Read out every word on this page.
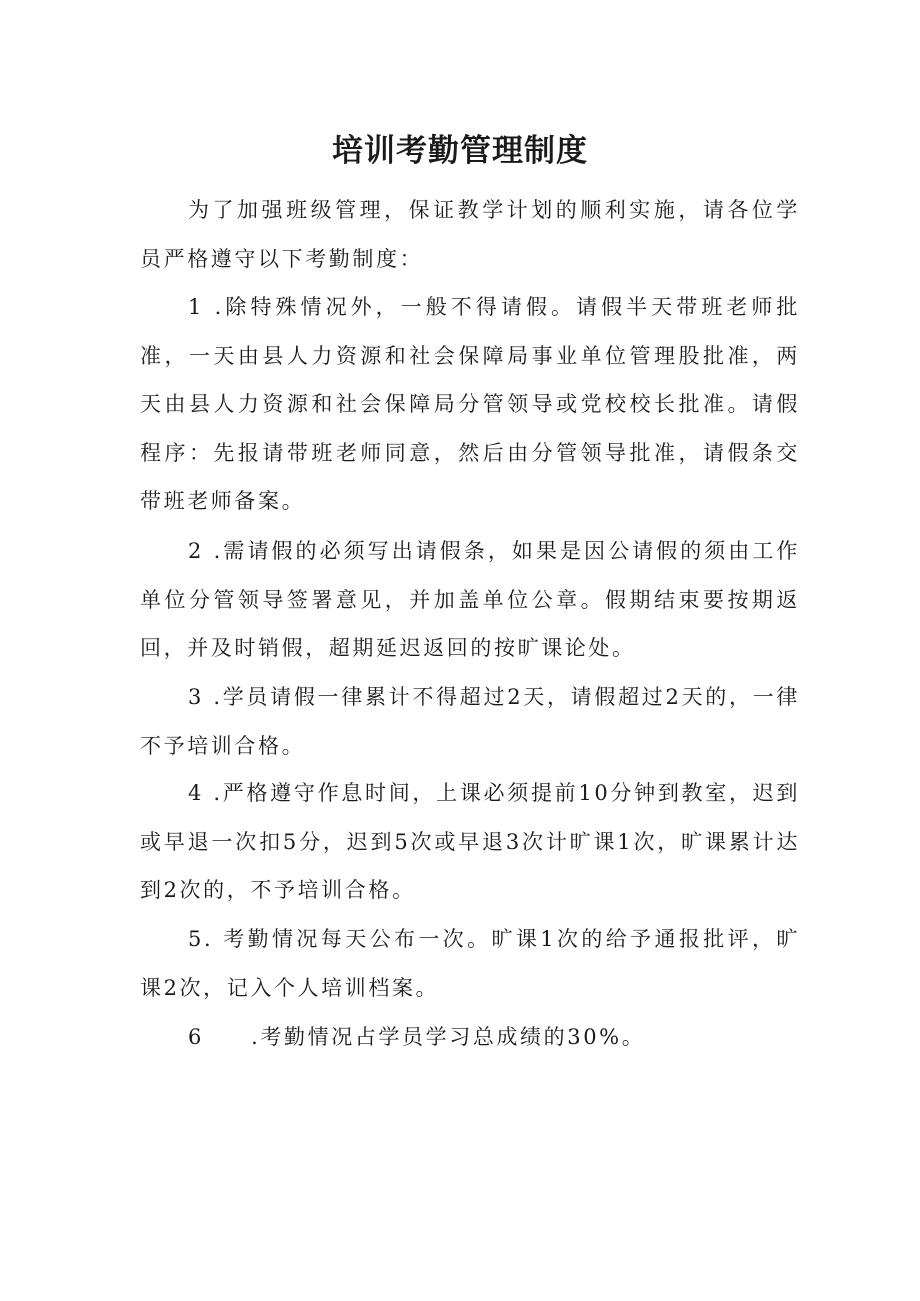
培训考勤管理制度

为了加强班级管理，保证教学计划的顺利实施，请各位学员严格遵守以下考勤制度：

1 .除特殊情况外，一般不得请假。请假半天带班老师批准，一天由县人力资源和社会保障局事业单位管理股批准，两天由县人力资源和社会保障局分管领导或党校校长批准。请假程序：先报请带班老师同意，然后由分管领导批准，请假条交带班老师备案。

2 .需请假的必须写出请假条，如果是因公请假的须由工作单位分管领导签署意见，并加盖单位公章。假期结束要按期返回，并及时销假，超期延迟返回的按旷课论处。

3 .学员请假一律累计不得超过2天，请假超过2天的，一律不予培训合格。

4 .严格遵守作息时间，上课必须提前10分钟到教室，迟到或早退一次扣5分，迟到5次或早退3次计旷课1次，旷课累计达到2次的，不予培训合格。

5. 考勤情况每天公布一次。旷课1次的给予通报批评，旷课2次，记入个人培训档案。

6　　.考勤情况占学员学习总成绩的30%。
